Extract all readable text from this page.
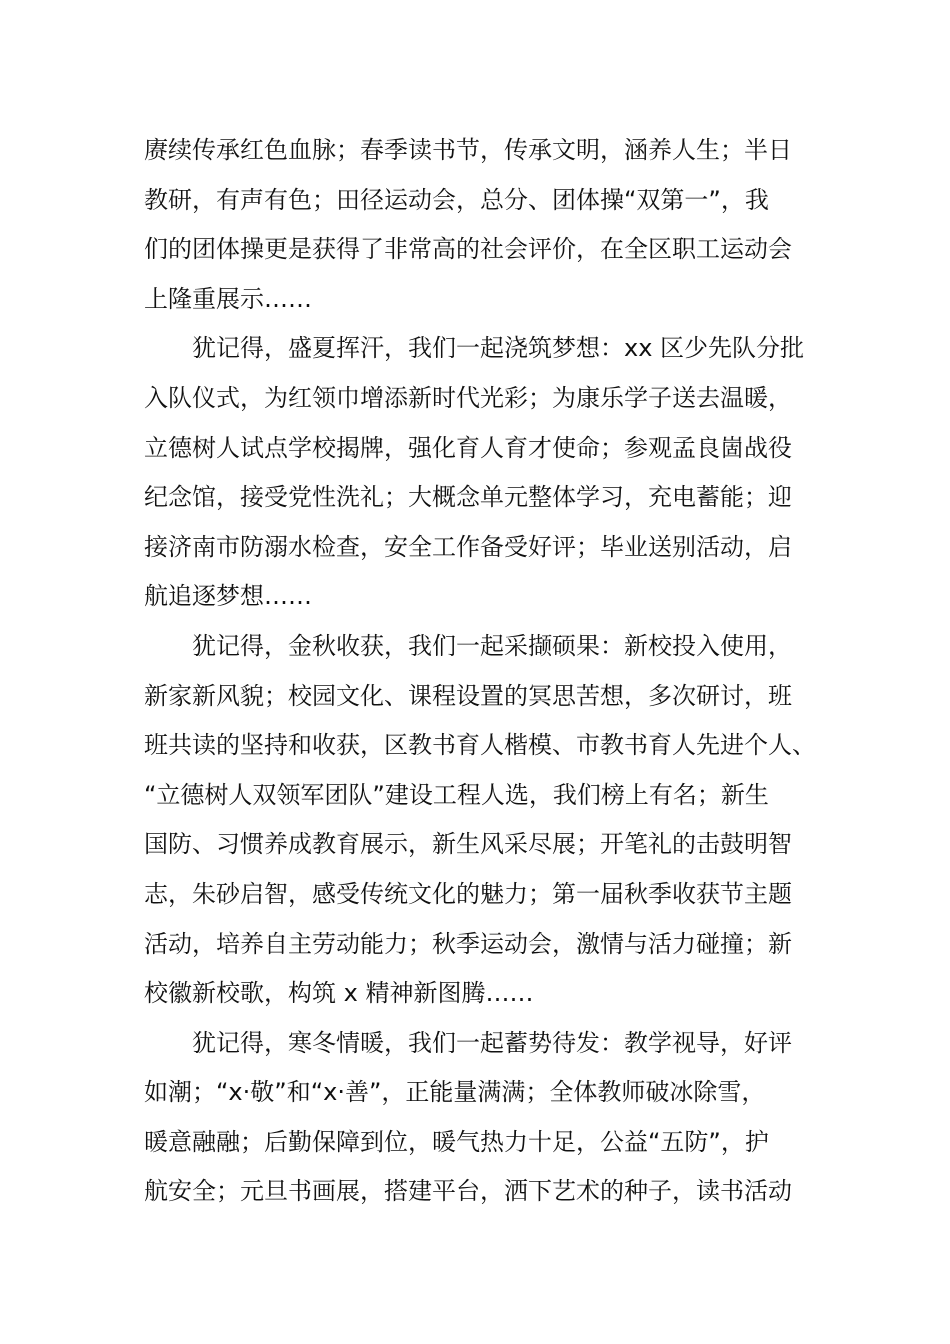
赓续传承红色血脉；春季读书节，传承文明，涵养人生；半日
教研，有声有色；田径运动会，总分、团体操“双第一”，我
们的团体操更是获得了非常高的社会评价，在全区职工运动会
上隆重展示……
犹记得，盛夏挥汗，我们一起浇筑梦想：xx 区少先队分批
入队仪式，为红领巾增添新时代光彩；为康乐学子送去温暖，
立德树人试点学校揭牌，强化育人育才使命；参观孟良崮战役
纪念馆，接受党性洗礼；大概念单元整体学习，充电蓄能；迎
接济南市防溺水检查，安全工作备受好评；毕业送别活动，启
航追逐梦想……
犹记得，金秋收获，我们一起采撷硕果：新校投入使用，
新家新风貌；校园文化、课程设置的冥思苦想，多次研讨，班
班共读的坚持和收获，区教书育人楷模、市教书育人先进个人、
“立德树人双领军团队”建设工程人选，我们榜上有名；新生
国防、习惯养成教育展示，新生风采尽展；开笔礼的击鼓明智
志，朱砂启智，感受传统文化的魅力；第一届秋季收获节主题
活动，培养自主劳动能力；秋季运动会，激情与活力碰撞；新
校徽新校歌，构筑 x 精神新图腾……
犹记得，寒冬情暖，我们一起蓄势待发：教学视导，好评
如潮；“x·敬”和“x·善”，正能量满满；全体教师破冰除雪，
暖意融融；后勤保障到位，暖气热力十足，公益“五防”，护
航安全；元旦书画展，搭建平台，洒下艺术的种子，读书活动
